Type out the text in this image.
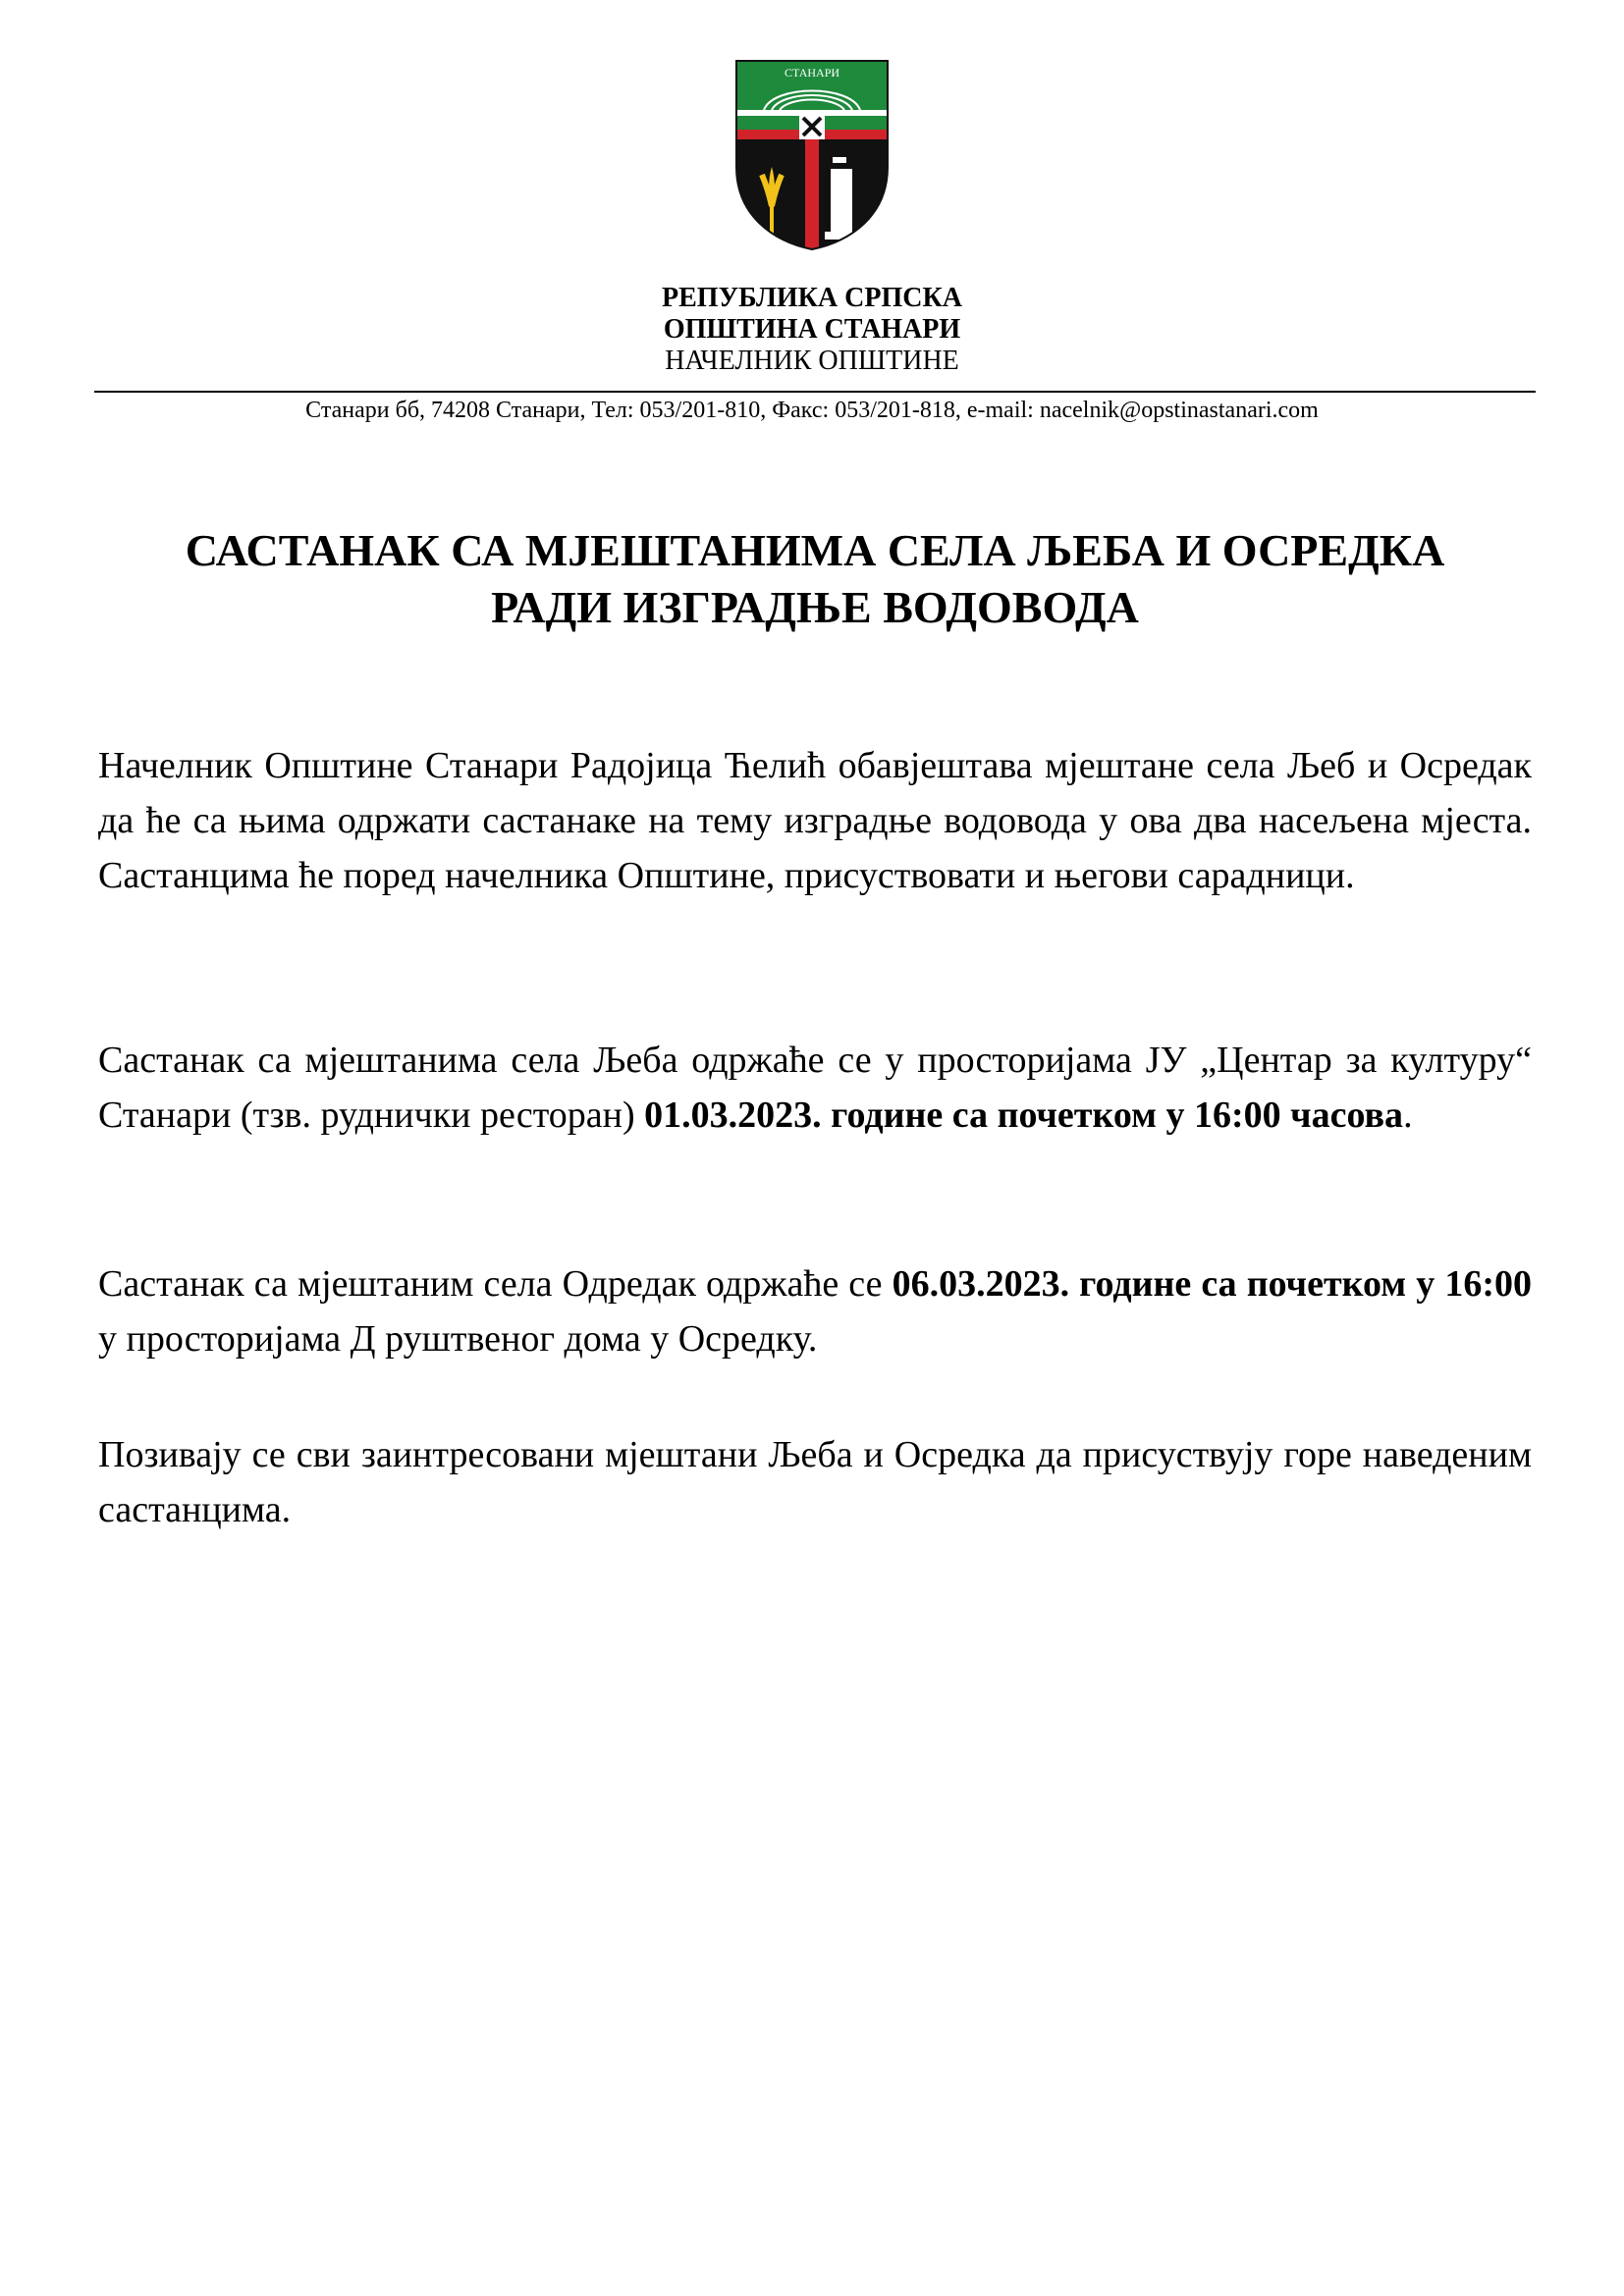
СТАНАРИ

РЕПУБЛИКА СРПСКА

ОПШТИНА СТАНАРИ

НАЧЕЛНИК ОПШТИНЕ

Станари бб, 74208 Станари, Тел: 053/201-810, Факс: 053/201-818, e-mail: nacelnik@opstinastanari.com
САСТАНАК СА МЈЕШТАНИМА СЕЛА ЉЕБА И ОСРЕДКА
РАДИ ИЗГРАДЊЕ ВОДОВОДА

Начелник Општине Станари Радојица Ћелић обавјештава мјештане села Љеб и Осредак да ће са њима одржати састанаке на тему изградње водовода у ова два насељена мјеста. Састанцима ће поред начелника Општине, присуствовати и његови сарадници.

Састанак са мјештанима села Љеба одржаће се у просторијама ЈУ „Центар за културу“ Станари (тзв. руднички ресторан) 01.03.2023. године са почетком у 16:00 часова.

Састанак са мјештаним села Одредак одржаће се 06.03.2023. године са почетком у 16:00 у просторијама Д руштвеног дома у Осредку.

Позивају се сви заинтресовани мјештани Љеба и Осредка да присуствују горе наведеним састанцима.
